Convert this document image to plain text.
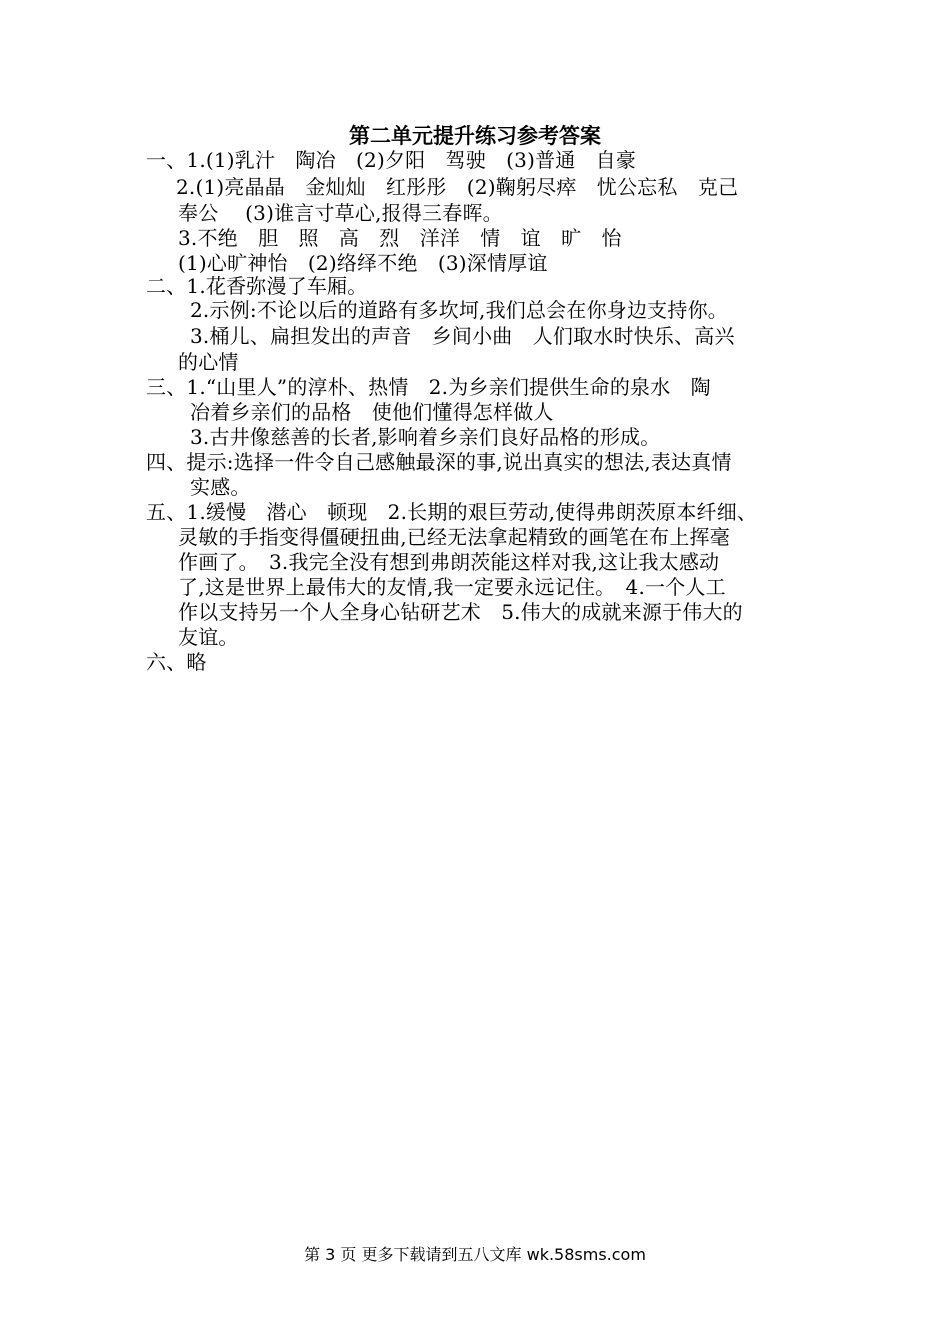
第二单元提升练习参考答案
一、1.(1)乳汁　陶冶　(2)夕阳　驾驶　(3)普通　自豪
2.(1)亮晶晶　金灿灿　红彤彤　(2)鞠躬尽瘁　忧公忘私　克己
奉公　 (3)谁言寸草心,报得三春晖。
3.不绝　胆　照　高　烈　洋洋　情　谊　旷　怡
(1)心旷神怡　(2)络绎不绝　(3)深情厚谊
二、1.花香弥漫了车厢。
2.示例:不论以后的道路有多坎坷,我们总会在你身边支持你。
3.桶儿、扁担发出的声音　乡间小曲　人们取水时快乐、高兴
的心情
三、1.“山里人”的淳朴、热情　2.为乡亲们提供生命的泉水　陶
冶着乡亲们的品格　使他们懂得怎样做人
3.古井像慈善的长者,影响着乡亲们良好品格的形成。
四、提示:选择一件令自己感触最深的事,说出真实的想法,表达真情
实感。
五、1.缓慢　潜心　顿现　2.长期的艰巨劳动,使得弗朗茨原本纤细、
灵敏的手指变得僵硬扭曲,已经无法拿起精致的画笔在布上挥毫
作画了。　3.我完全没有想到弗朗茨能这样对我,这让我太感动
了,这是世界上最伟大的友情,我一定要永远记住。　4.一个人工
作以支持另一个人全身心钻研艺术　5.伟大的成就来源于伟大的
友谊。
六、略
第 3 页 更多下载请到五八文库 wk.58sms.com
